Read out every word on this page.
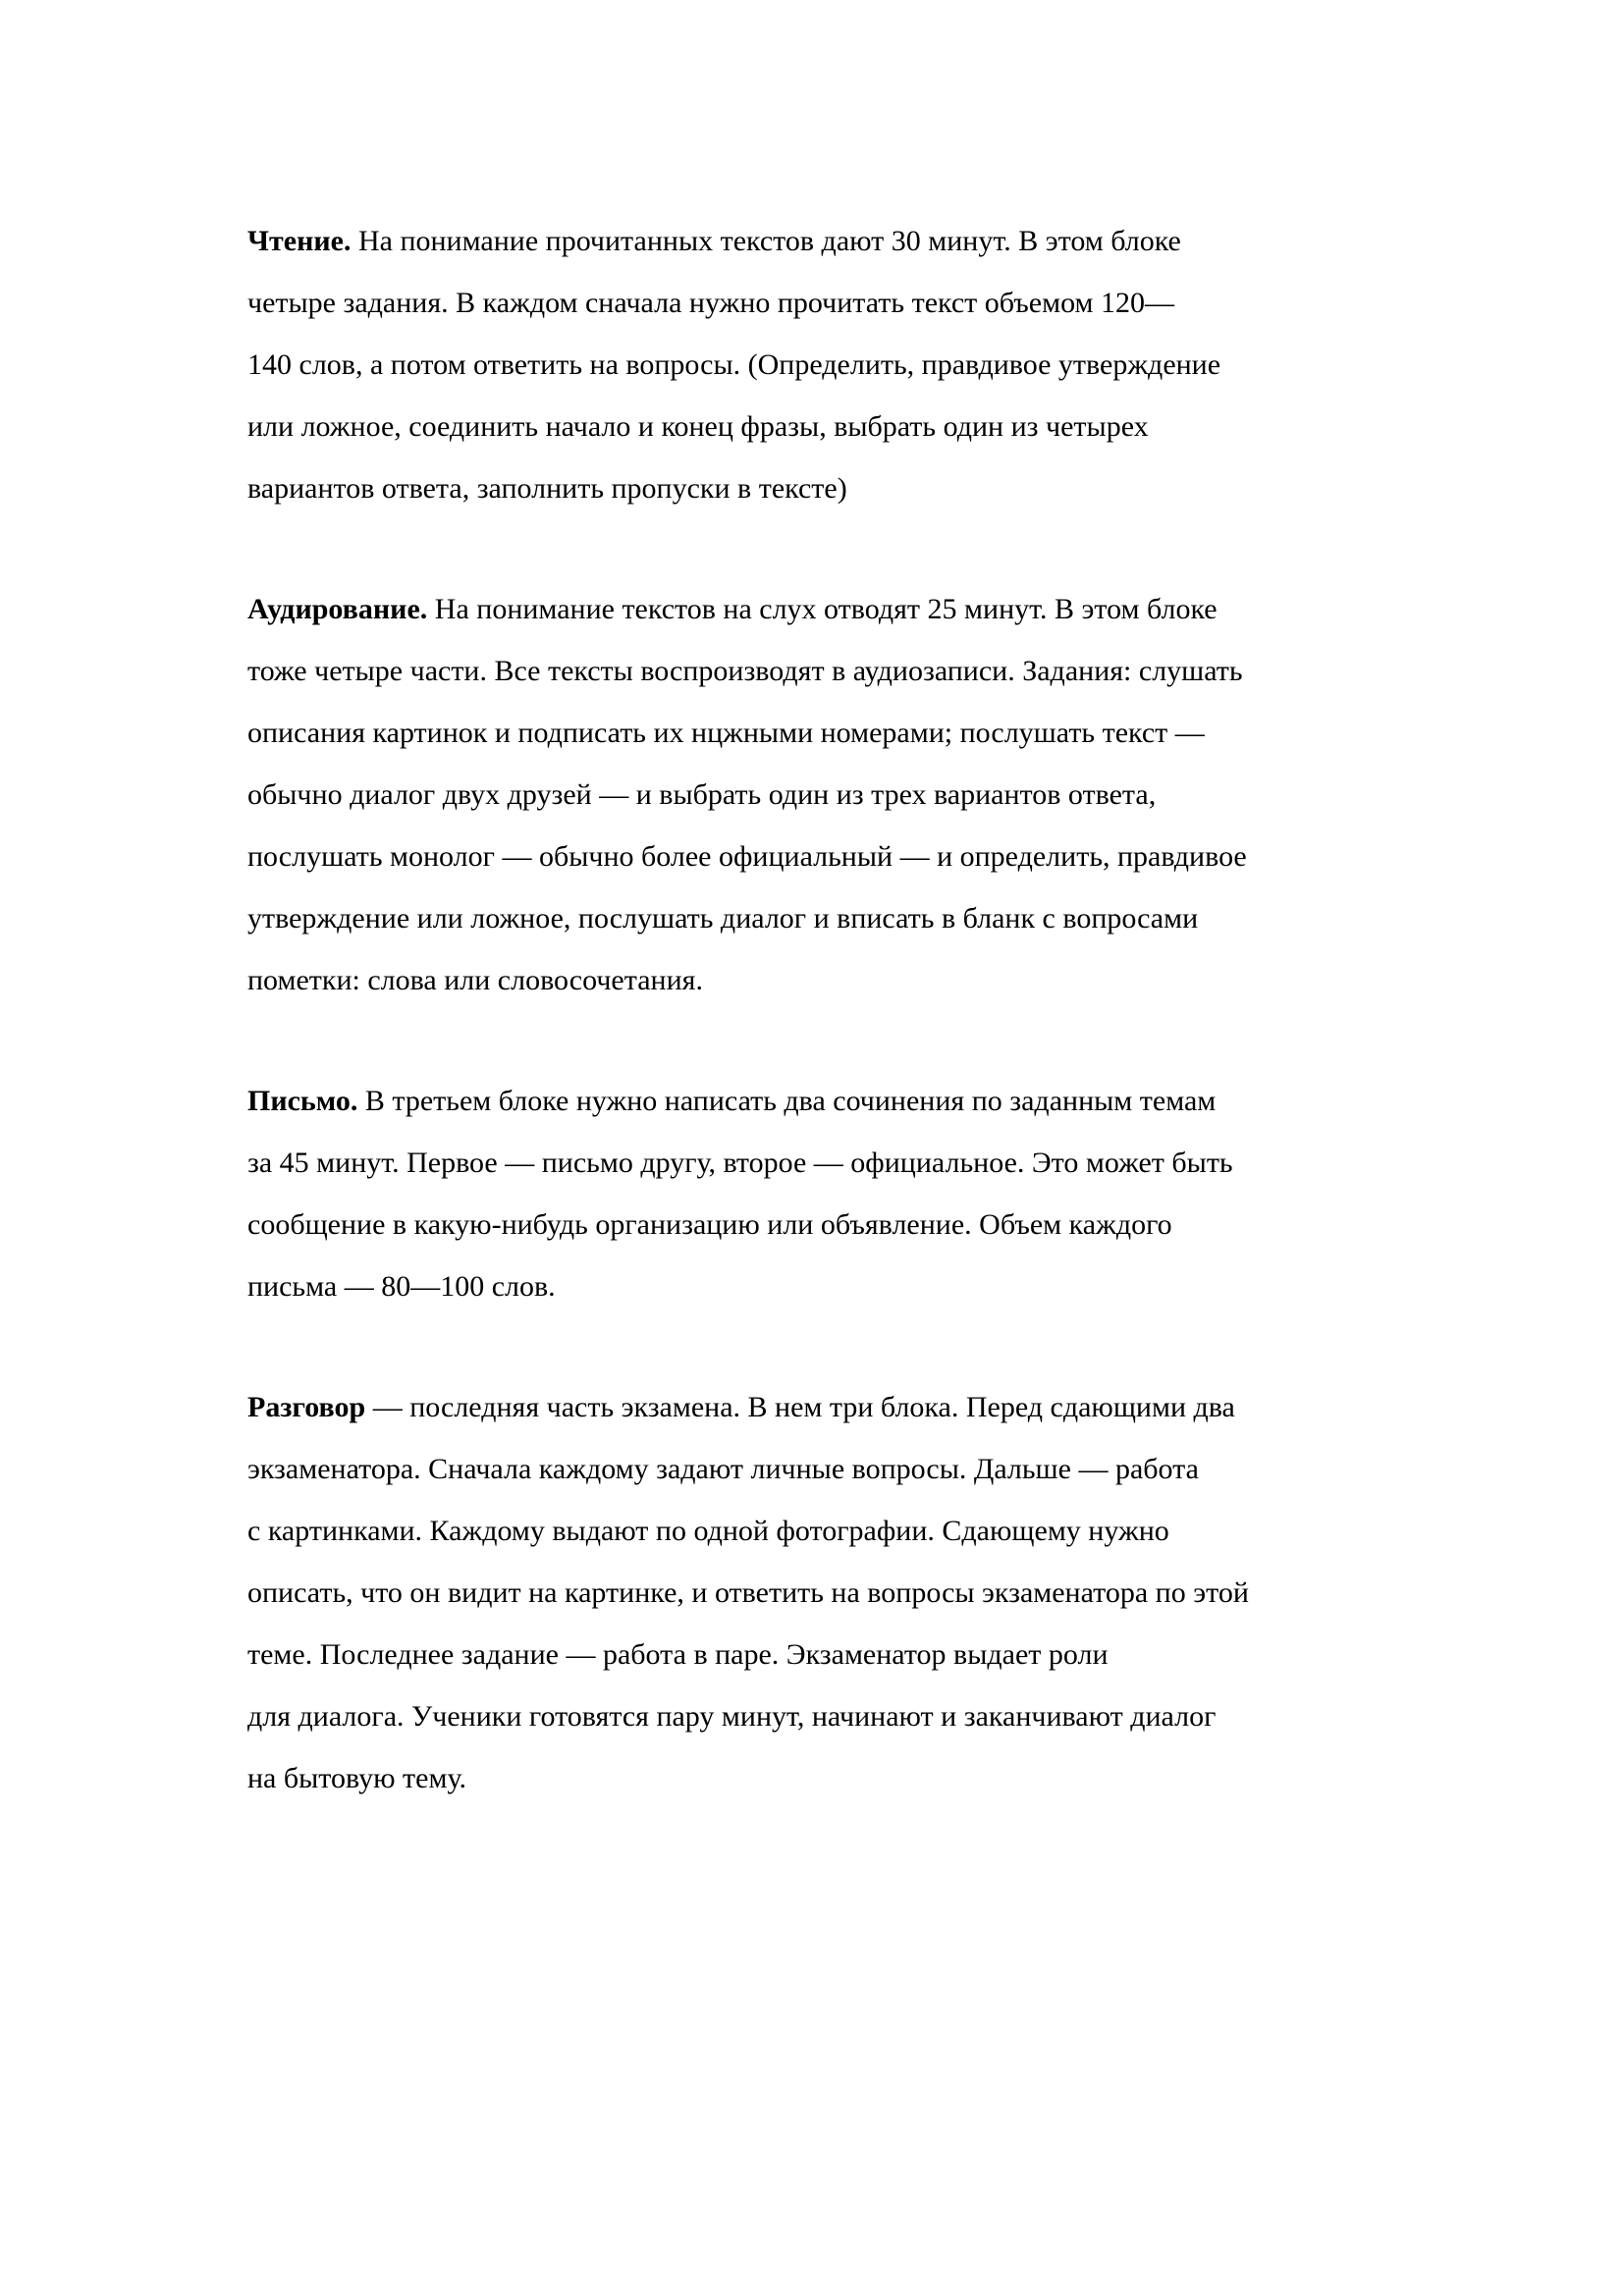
Чтение. На понимание прочитанных текстов дают 30 минут. В этом блоке
четыре задания. В каждом сначала нужно прочитать текст объемом 120—
140 слов, а потом ответить на вопросы. (Определить, правдивое утверждение
или ложное, соединить начало и конец фразы, выбрать один из четырех
вариантов ответа, заполнить пропуски в тексте)
Аудирование. На понимание текстов на слух отводят 25 минут. В этом блоке
тоже четыре части. Все тексты воспроизводят в аудиозаписи. Задания: слушать
описания картинок и подписать их нцжными номерами; послушать текст —
обычно диалог двух друзей — и выбрать один из трех вариантов ответа,
послушать монолог — обычно более официальный — и определить, правдивое
утверждение или ложное, послушать диалог и вписать в бланк с вопросами
пометки: слова или словосочетания.
Письмо. В третьем блоке нужно написать два сочинения по заданным темам
за 45 минут. Первое — письмо другу, второе — официальное. Это может быть
сообщение в какую-нибудь организацию или объявление. Объем каждого
письма — 80—100 слов.
Разговор — последняя часть экзамена. В нем три блока. Перед сдающими два
экзаменатора. Сначала каждому задают личные вопросы. Дальше — работа
с картинками. Каждому выдают по одной фотографии. Сдающему нужно
описать, что он видит на картинке, и ответить на вопросы экзаменатора по этой
теме. Последнее задание — работа в паре. Экзаменатор выдает роли
для диалога. Ученики готовятся пару минут, начинают и заканчивают диалог
на бытовую тему.
